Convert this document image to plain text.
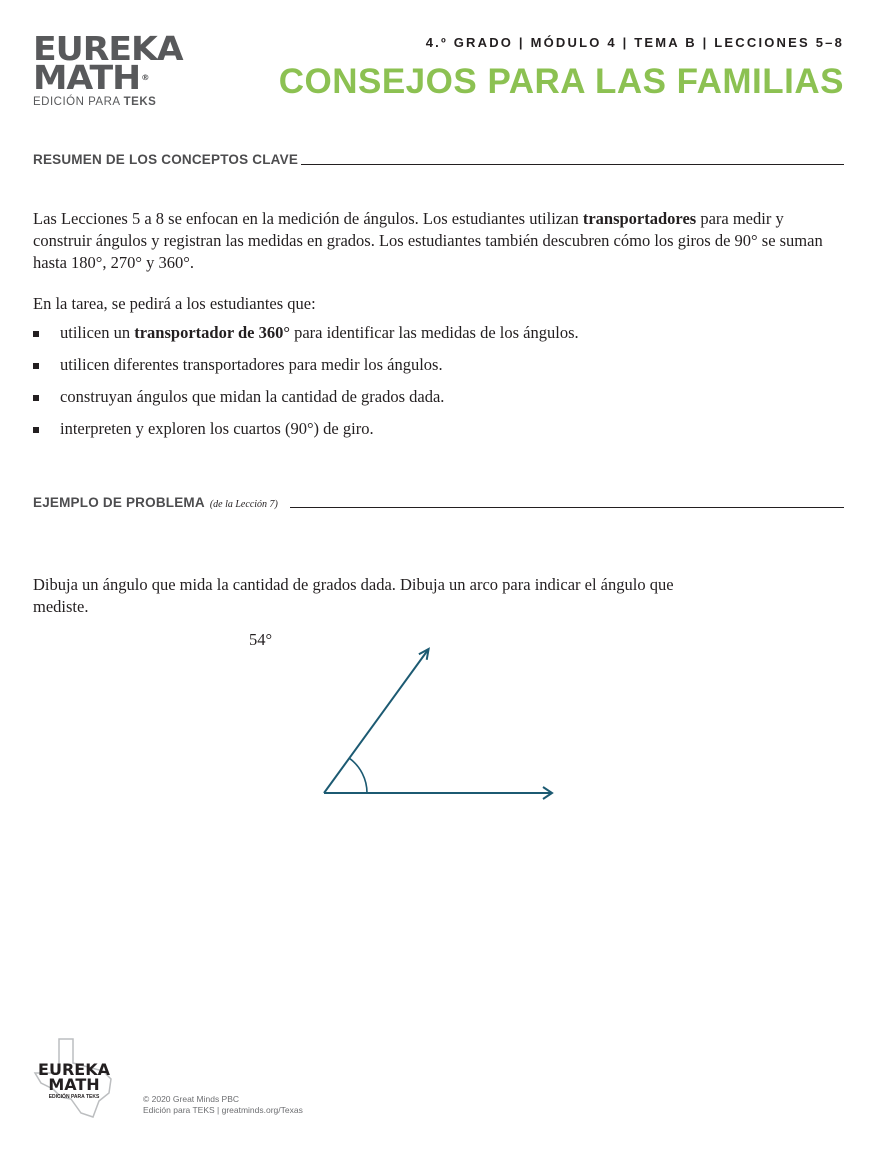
EUREKA
MATH®
EDICIÓN PARA TEKS
4.º GRADO | MÓDULO 4 | TEMA B | LECCIONES 5–8
CONSEJOS PARA LAS FAMILIAS
RESUMEN DE LOS CONCEPTOS CLAVE

Las Lecciones 5 a 8 se enfocan en la medición de ángulos. Los estudiantes utilizan transportadores para medir y construir ángulos y registran las medidas en grados. Los estudiantes también descubren cómo los giros de 90° se suman hasta 180°, 270° y 360°.

En la tarea, se pedirá a los estudiantes que:

utilicen un transportador de 360° para identificar las medidas de los ángulos.
utilicen diferentes transportadores para medir los ángulos.
construyan ángulos que midan la cantidad de grados dada.
interpreten y exploren los cuartos (90°) de giro.
EJEMPLO DE PROBLEMA (de la Lección 7)

Dibuja un ángulo que mida la cantidad de grados dada. Dibuja un arco para indicar el ángulo que mediste.

54°
EUREKA
MATH
EDICIÓN PARA TEKS	© 2020 Great Minds PBC
Edición para TEKS | greatminds.org/Texas
